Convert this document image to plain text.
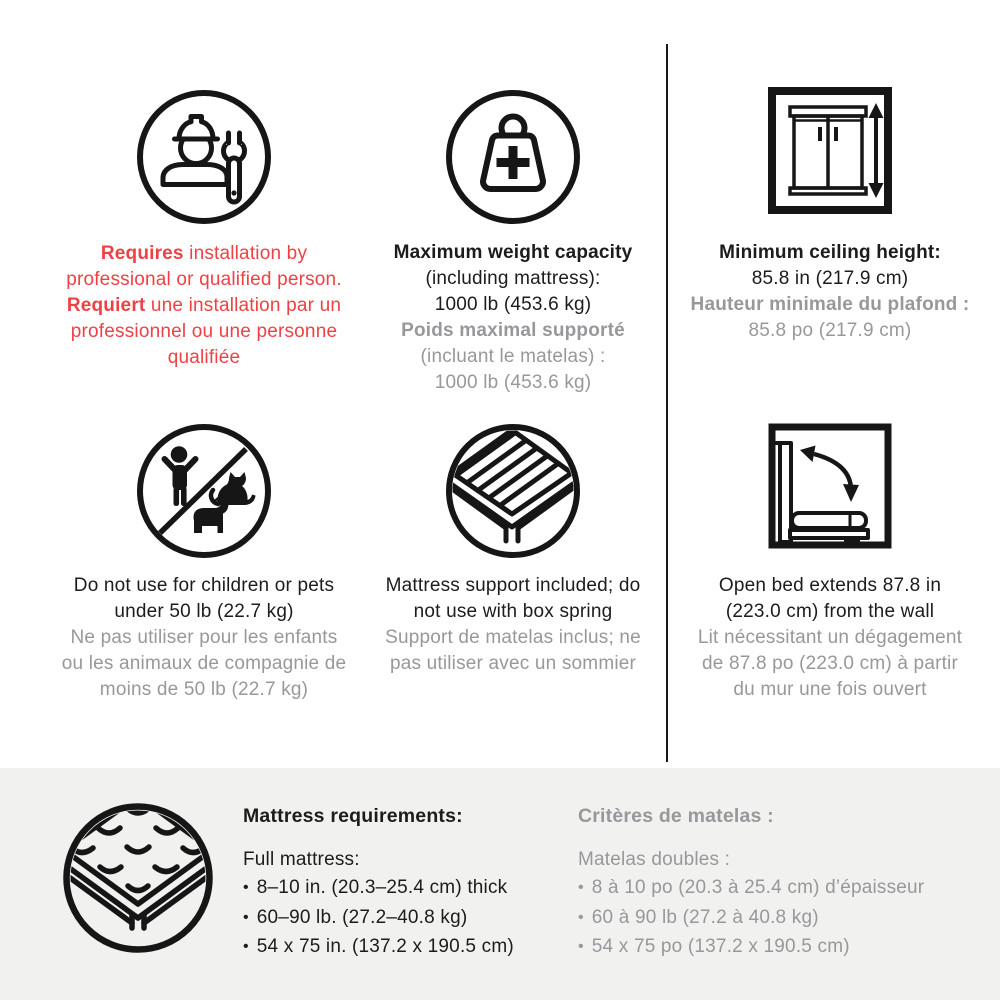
Requires installation by
professional or qualified person.
Requiert une installation par un
professionnel ou une personne
qualifiée
Maximum weight capacity
(including mattress):
1000 lb (453.6 kg)
Poids maximal supporté
(incluant le matelas) :
1000 lb (453.6 kg)
Minimum ceiling height:
85.8 in (217.9 cm)
Hauteur minimale du plafond :
85.8 po (217.9 cm)
Do not use for children or pets
under 50 lb (22.7 kg)
Ne pas utiliser pour les enfants
ou les animaux de compagnie de
moins de 50 lb (22.7 kg)
Mattress support included; do
not use with box spring
Support de matelas inclus; ne
pas utiliser avec un sommier
Open bed extends 87.8 in
(223.0 cm) from the wall
Lit nécessitant un dégagement
de 87.8 po (223.0 cm) à partir
du mur une fois ouvert
Mattress requirements:
Full mattress:
• 8–10 in. (20.3–25.4 cm) thick
• 60–90 lb. (27.2–40.8 kg)
• 54 x 75 in. (137.2 x 190.5 cm)
Critères de matelas :
Matelas doubles :
• 8 à 10 po (20.3 à 25.4 cm) d’épaisseur
• 60 à 90 lb (27.2 à 40.8 kg)
• 54 x 75 po (137.2 x 190.5 cm)
